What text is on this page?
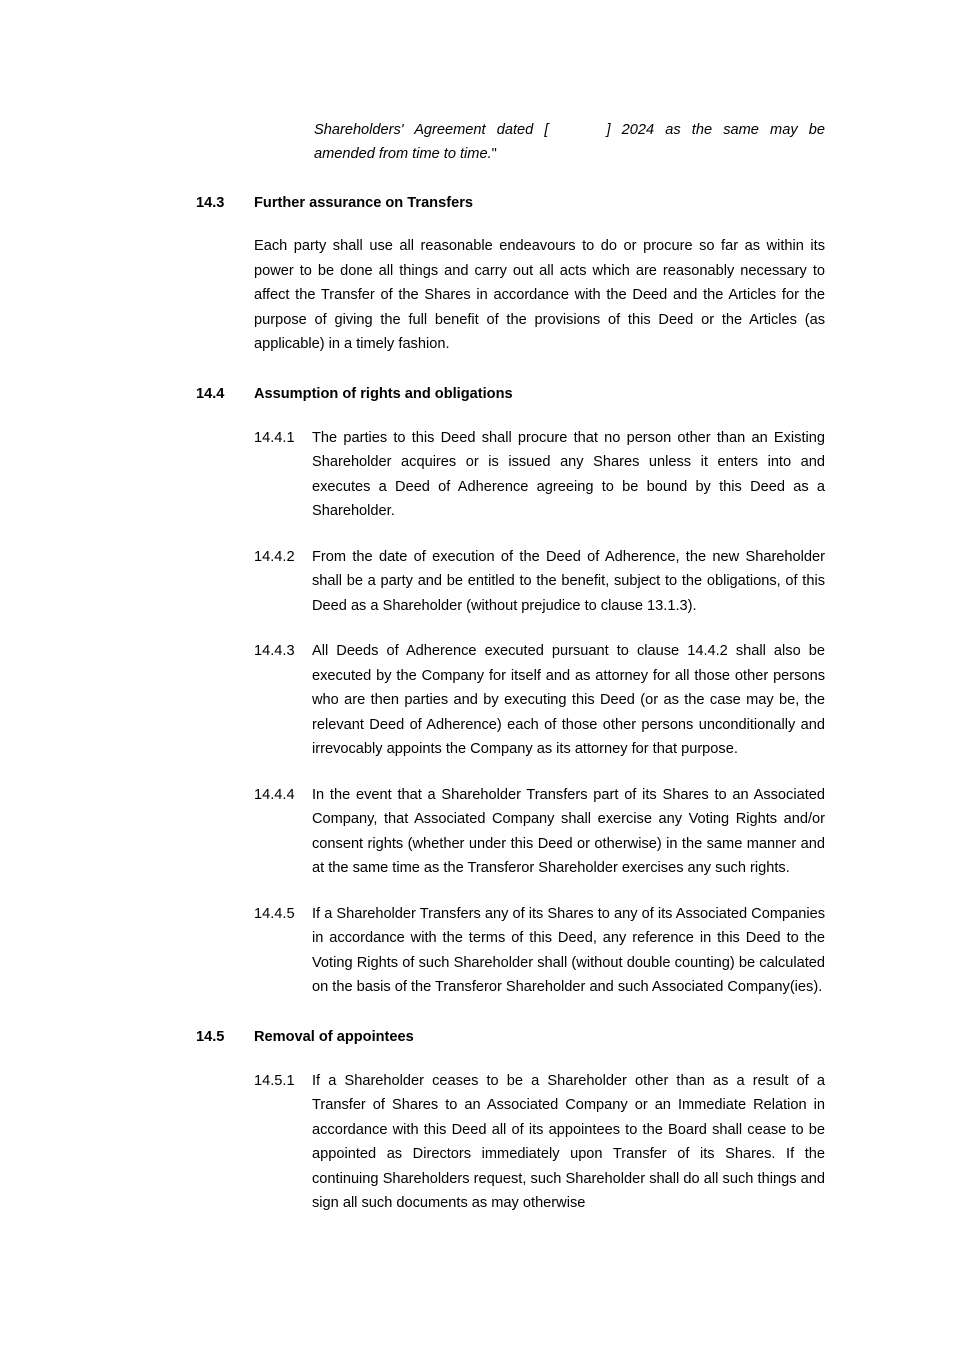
Shareholders' Agreement dated [	] 2024 as the same may be amended from time to time."

14.3	Further assurance on Transfers

Each party shall use all reasonable endeavours to do or procure so far as within its power to be done all things and carry out all acts which are reasonably necessary to affect the Transfer of the Shares in accordance with the Deed and the Articles for the purpose of giving the full benefit of the provisions of this Deed or the Articles (as applicable) in a timely fashion.

14.4	Assumption of rights and obligations
14.4.1	The parties to this Deed shall procure that no person other than an Existing Shareholder acquires or is issued any Shares unless it enters into and executes a Deed of Adherence agreeing to be bound by this Deed as a Shareholder.
14.4.2	From the date of execution of the Deed of Adherence, the new Shareholder shall be a party and be entitled to the benefit, subject to the obligations, of this Deed as a Shareholder (without prejudice to clause 13.1.3).
14.4.3	All Deeds of Adherence executed pursuant to clause 14.4.2 shall also be executed by the Company for itself and as attorney for all those other persons who are then parties and by executing this Deed (or as the case may be, the relevant Deed of Adherence) each of those other persons unconditionally and irrevocably appoints the Company as its attorney for that purpose.
14.4.4	In the event that a Shareholder Transfers part of its Shares to an Associated Company, that Associated Company shall exercise any Voting Rights and/or consent rights (whether under this Deed or otherwise) in the same manner and at the same time as the Transferor Shareholder exercises any such rights.
14.4.5	If a Shareholder Transfers any of its Shares to any of its Associated Companies in accordance with the terms of this Deed, any reference in this Deed to the Voting Rights of such Shareholder shall (without double counting) be calculated on the basis of the Transferor Shareholder and such Associated Company(ies).
14.5	Removal of appointees
14.5.1	If a Shareholder ceases to be a Shareholder other than as a result of a Transfer of Shares to an Associated Company or an Immediate Relation in accordance with this Deed all of its appointees to the Board shall cease to be appointed as Directors immediately upon Transfer of its Shares. If the continuing Shareholders request, such Shareholder shall do all such things and sign all such documents as may otherwise
